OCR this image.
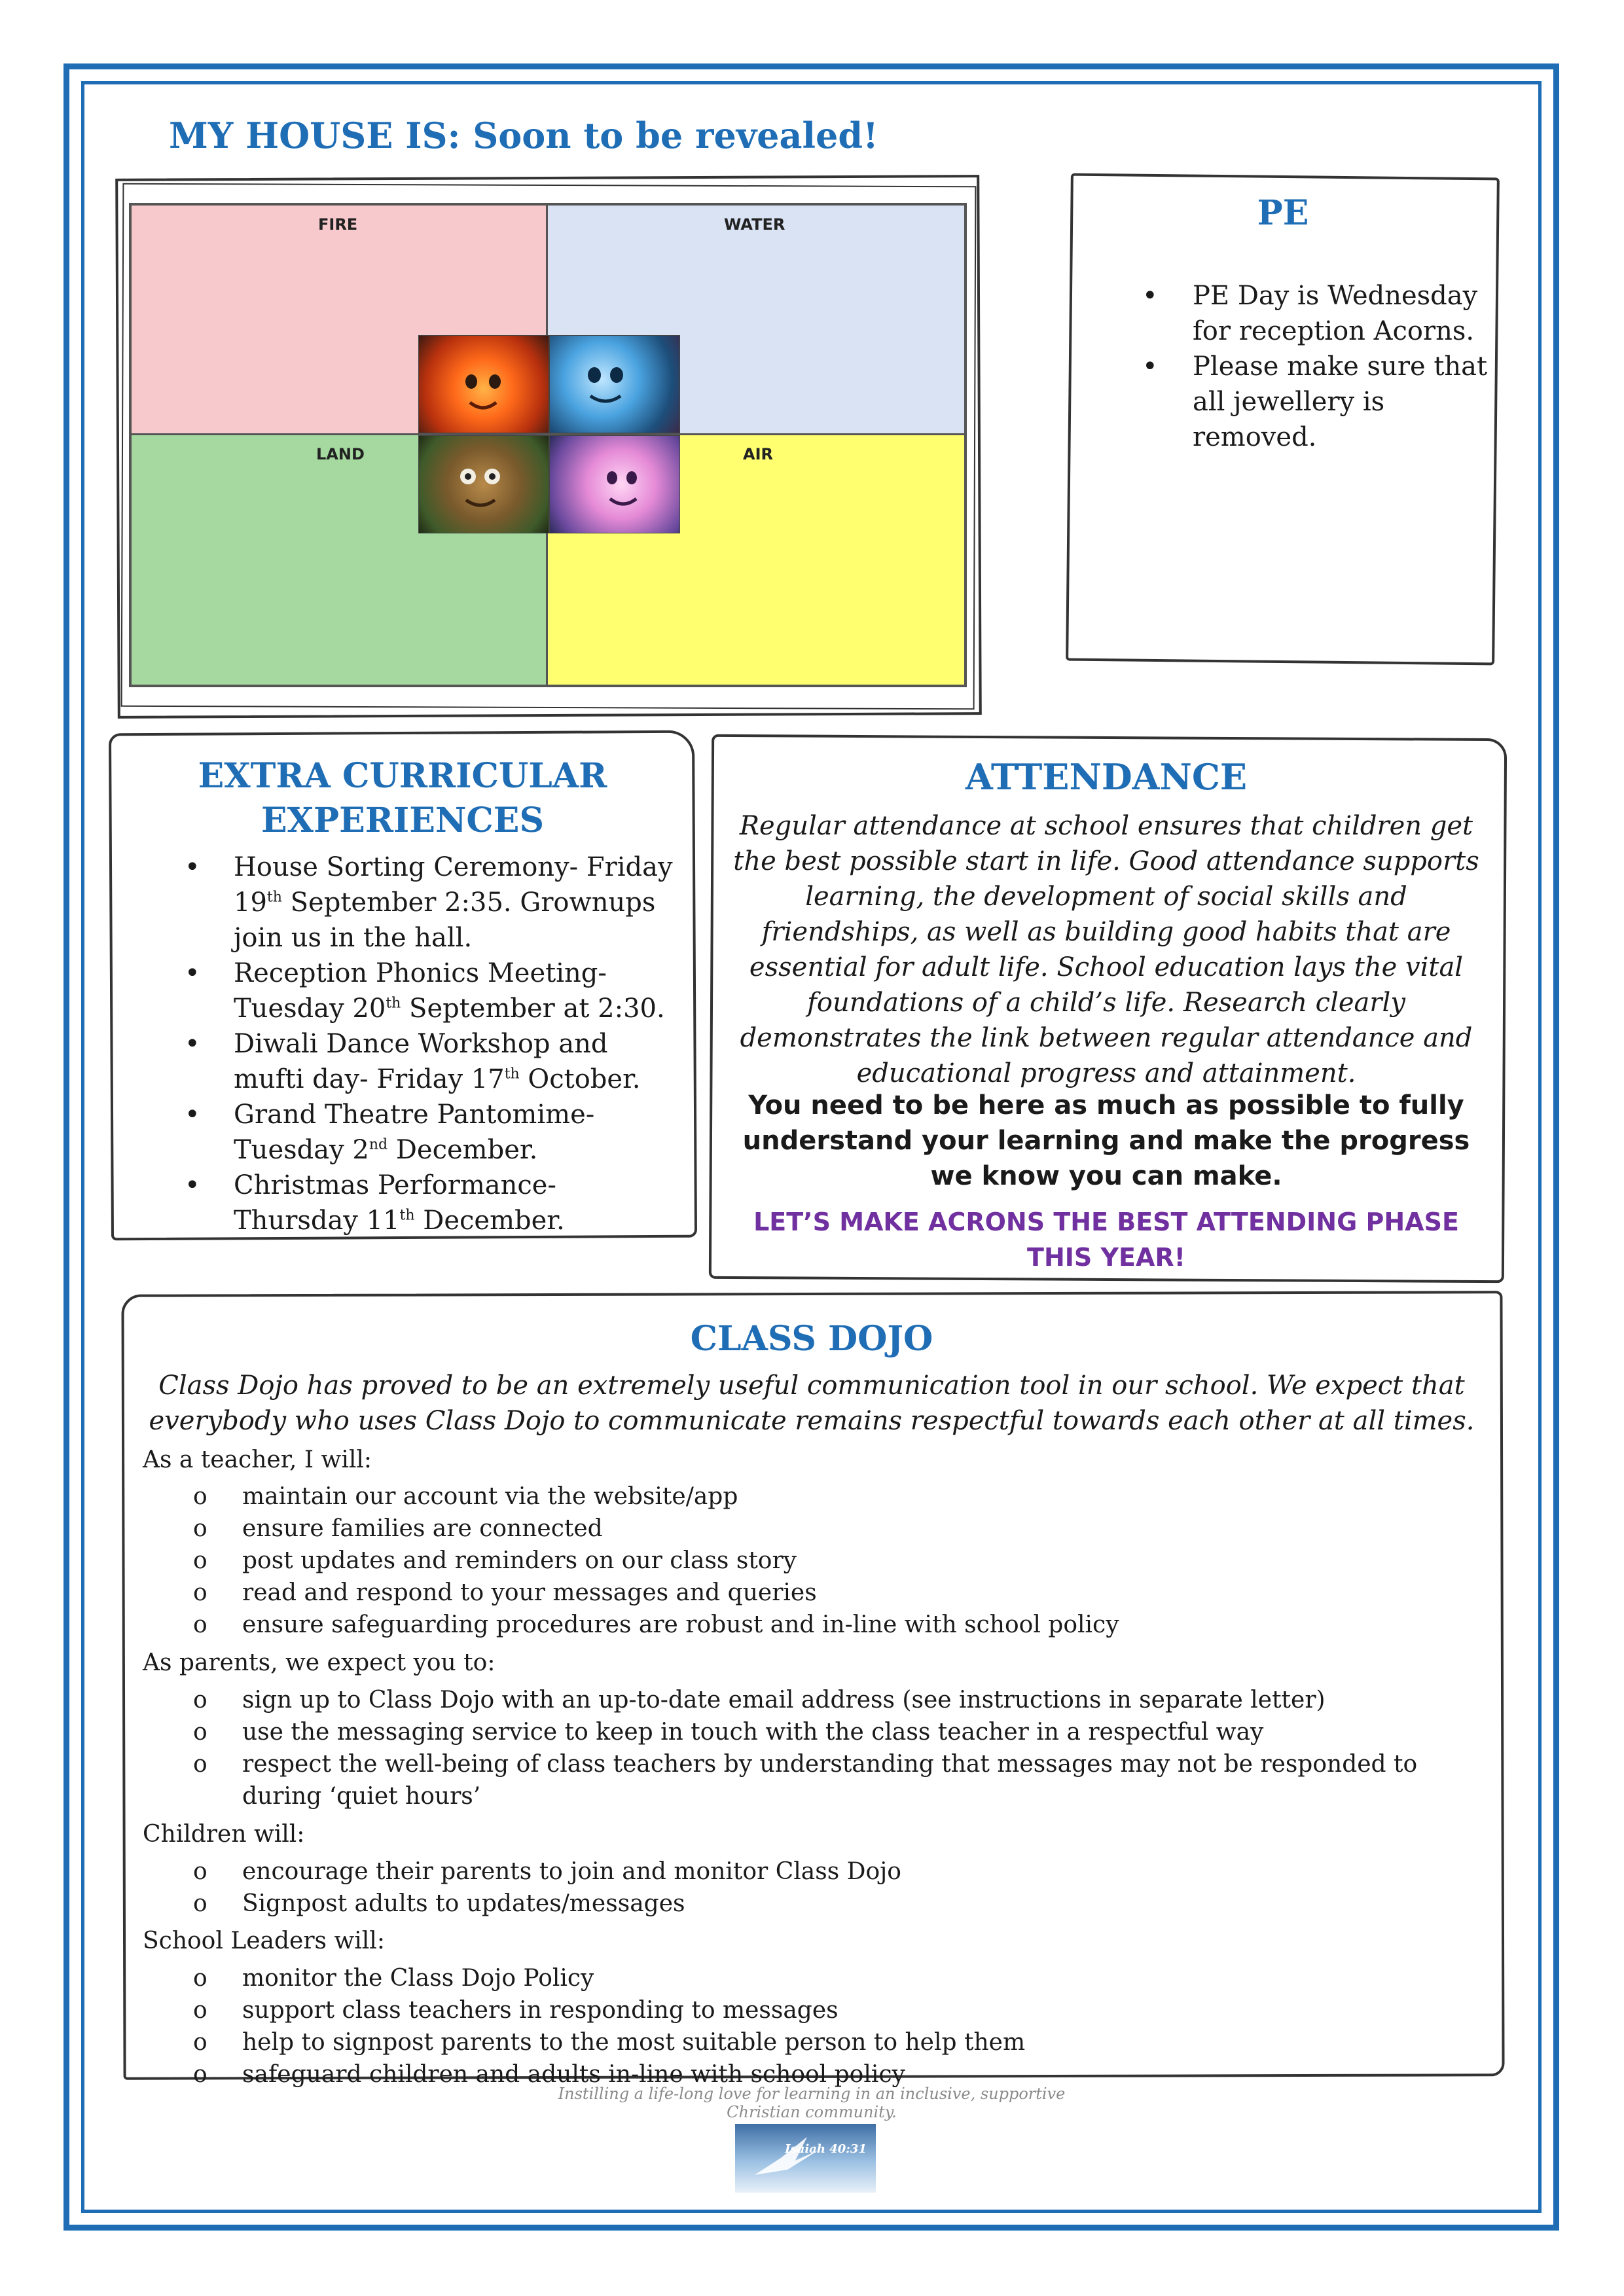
MY HOUSE IS: Soon to be revealed!
FIRE	WATER
LAND	AIR
PE
• PE Day is Wednesday for reception Acorns.
• Please make sure that all jewellery is removed.
EXTRA CURRICULAR EXPERIENCES
• House Sorting Ceremony- Friday 19th September 2:35. Grownups join us in the hall.
• Reception Phonics Meeting- Tuesday 20th September at 2:30.
• Diwali Dance Workshop and mufti day- Friday 17th October.
• Grand Theatre Pantomime- Tuesday 2nd December.
• Christmas Performance- Thursday 11th December.
ATTENDANCE
Regular attendance at school ensures that children get the best possible start in life. Good attendance supports learning, the development of social skills and friendships, as well as building good habits that are essential for adult life. School education lays the vital foundations of a child’s life. Research clearly demonstrates the link between regular attendance and educational progress and attainment.
You need to be here as much as possible to fully understand your learning and make the progress we know you can make.
LET’S MAKE ACRONS THE BEST ATTENDING PHASE THIS YEAR!
CLASS DOJO
Class Dojo has proved to be an extremely useful communication tool in our school. We expect that everybody who uses Class Dojo to communicate remains respectful towards each other at all times.
As a teacher, I will:
o maintain our account via the website/app
o ensure families are connected
o post updates and reminders on our class story
o read and respond to your messages and queries
o ensure safeguarding procedures are robust and in-line with school policy
As parents, we expect you to:
o sign up to Class Dojo with an up-to-date email address (see instructions in separate letter)
o use the messaging service to keep in touch with the class teacher in a respectful way
o respect the well-being of class teachers by understanding that messages may not be responded to during ‘quiet hours’
Children will:
o encourage their parents to join and monitor Class Dojo
o Signpost adults to updates/messages
School Leaders will:
o monitor the Class Dojo Policy
o support class teachers in responding to messages
o help to signpost parents to the most suitable person to help them
o safeguard children and adults in-line with school policy
Instilling a life-long love for learning in an inclusive, supportive Christian community.
Isaiah 40:31
